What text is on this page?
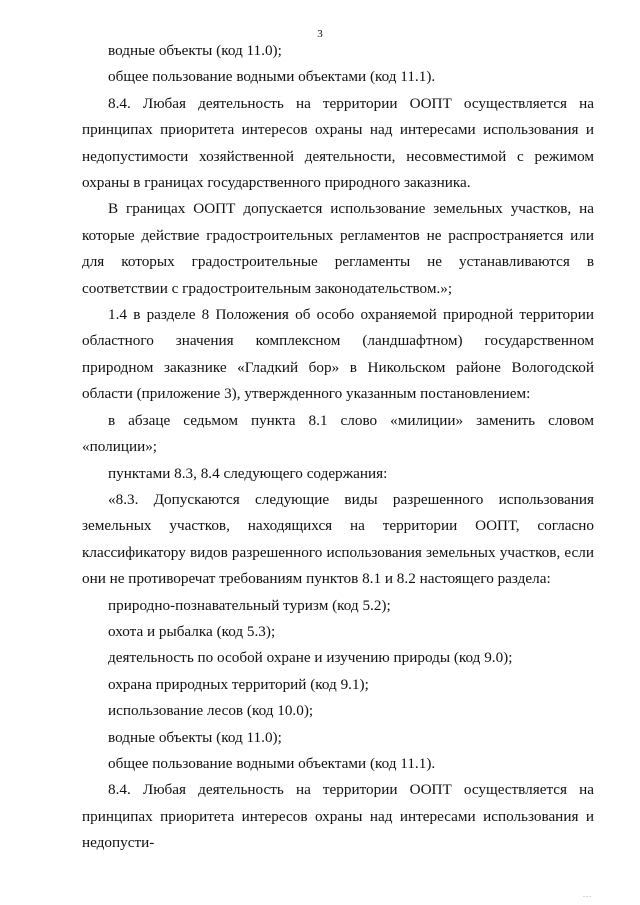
3

водные объекты (код 11.0);

общее пользование водными объектами (код 11.1).

8.4. Любая деятельность на территории ООПТ осуществляется на принципах приоритета интересов охраны над интересами использования и недопустимости хозяйственной деятельности, несовместимой с режимом охраны в границах государственного природного заказника.

В границах ООПТ допускается использование земельных участков, на которые действие градостроительных регламентов не распространяется или для которых градостроительные регламенты не устанавливаются в соответствии с градостроительным законодательством.»;

1.4 в разделе 8 Положения об особо охраняемой природной территории областного значения комплексном (ландшафтном) государственном природном заказнике «Гладкий бор» в Никольском районе Вологодской области (приложение 3), утвержденного указанным постановлением:

в абзаце седьмом пункта 8.1 слово «милиции» заменить словом «полиции»;

пунктами 8.3, 8.4 следующего содержания:

«8.3. Допускаются следующие виды разрешенного использования земельных участков, находящихся на территории ООПТ, согласно классификатору видов разрешенного использования земельных участков, если они не противоречат требованиям пунктов 8.1 и 8.2 настоящего раздела:

природно-познавательный туризм (код 5.2);

охота и рыбалка (код 5.3);

деятельность по особой охране и изучению природы (код 9.0);

охрана природных территорий (код 9.1);

использование лесов (код 10.0);

водные объекты (код 11.0);

общее пользование водными объектами (код 11.1).

8.4. Любая деятельность на территории ООПТ осуществляется на принципах приоритета интересов охраны над интересами использования и недопусти-

...
